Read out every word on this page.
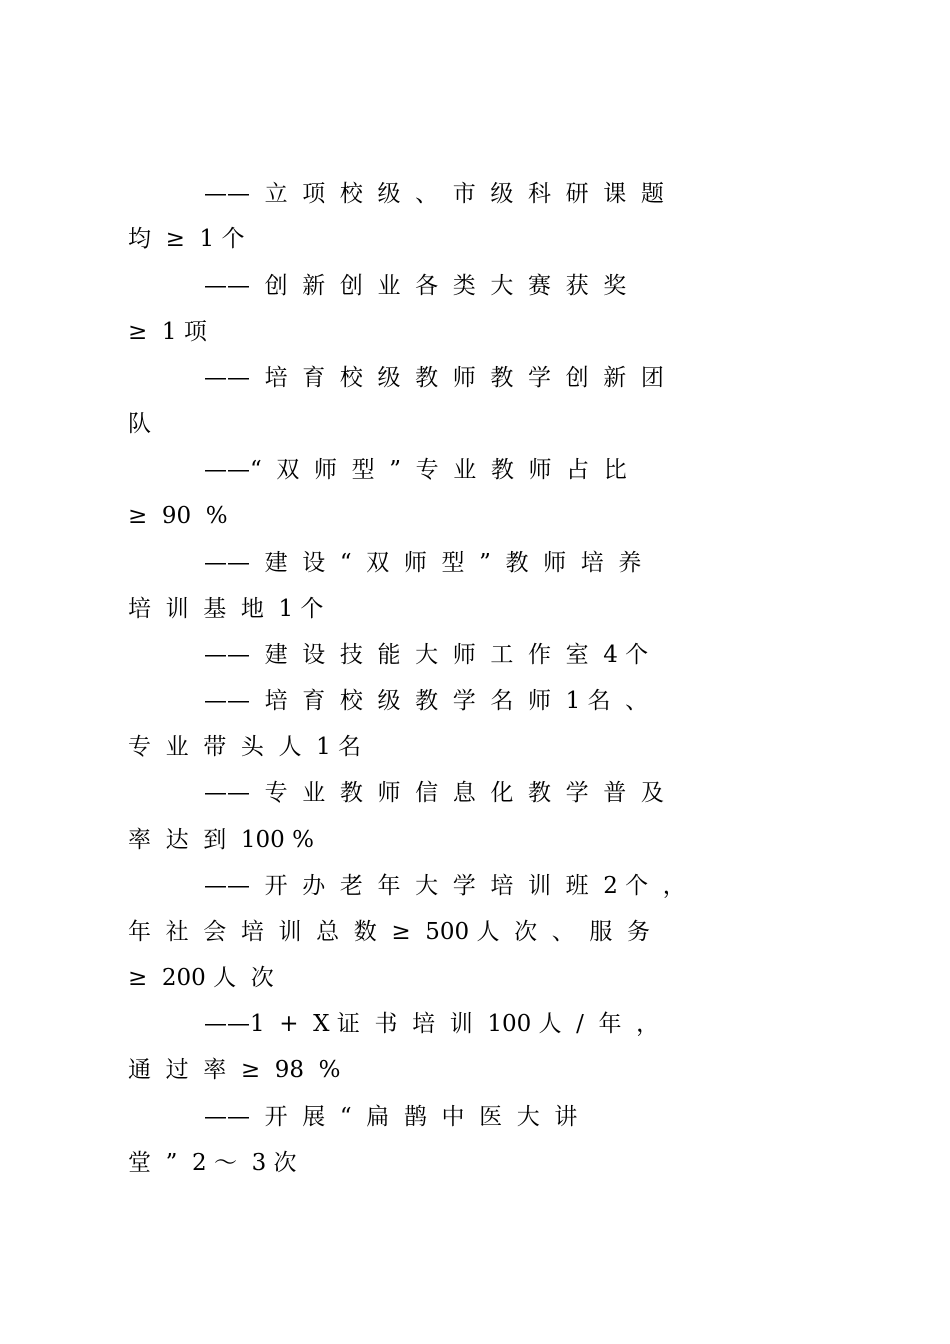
——  立  项  校  级  、  市  级  科  研  课  题
均  ≥  1 个
——  创  新  创  业  各  类  大  赛  获  奖
≥  1 项
——  培  育  校  级  教  师  教  学  创  新  团
队
——“  双  师  型  ”  专  业  教  师  占  比
≥  90  %
——  建  设  “  双  师  型  ”  教  师  培  养
培  训  基  地  1 个
——  建  设  技  能  大  师  工  作  室  4 个
——  培  育  校  级  教  学  名  师  1 名  、
专  业  带  头  人  1 名
——  专  业  教  师  信  息  化  教  学  普  及
率  达  到  100 %
——  开  办  老  年  大  学  培  训  班  2 个  ，
年  社  会  培  训  总  数  ≥  500 人  次  、  服  务
≥  200 人  次
——1  +  X 证  书  培  训  100 人  /  年  ，
通  过  率  ≥  98  %
——  开  展  “  扁  鹊  中  医  大  讲
堂  ”  2 ～  3 次
